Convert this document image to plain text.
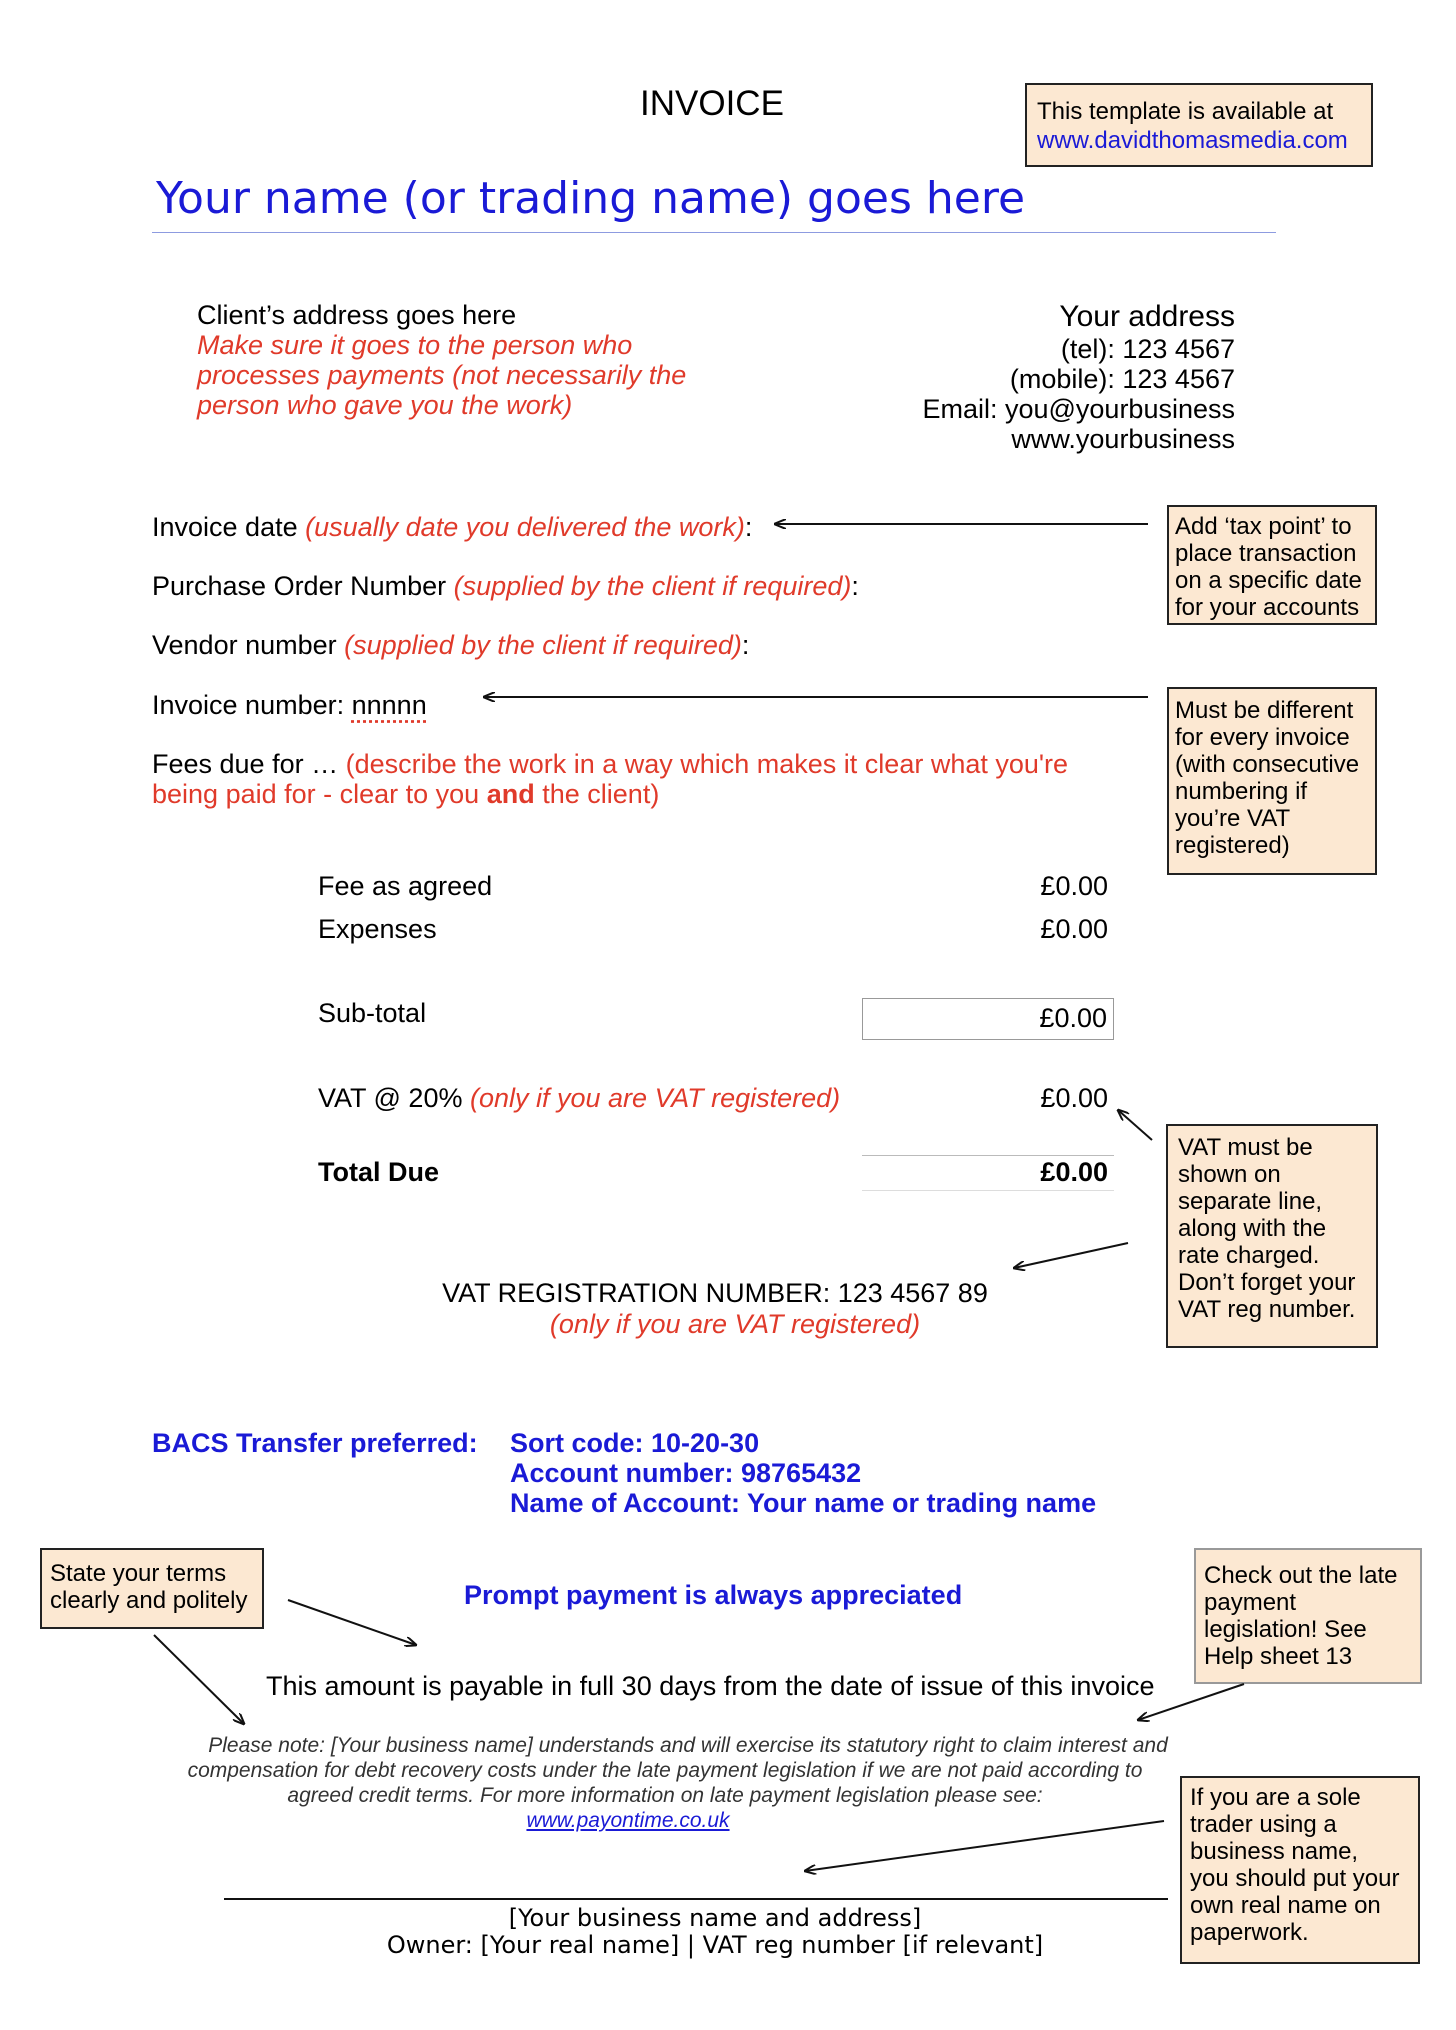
INVOICE	This template is available at
www.davidthomasmedia.com
Your name (or trading name) goes here
Client’s address goes here
Make sure it goes to the person who
processes payments (not necessarily the
person who gave you the work)
Your address
(tel): 123 4567
(mobile): 123 4567
Email: you@yourbusiness
www.yourbusiness
Invoice date (usually date you delivered the work):
Purchase Order Number (supplied by the client if required):
Vendor number (supplied by the client if required):
Invoice number: nnnnn
Fees due for … (describe the work in a way which makes it clear what you're
being paid for - clear to you and the client)
Fee as agreed	£0.00
Expenses	£0.00
Sub-total	£0.00
VAT @ 20% (only if you are VAT registered)	£0.00
Total Due	£0.00
VAT REGISTRATION NUMBER: 123 4567 89
(only if you are VAT registered)
BACS Transfer preferred: Sort code: 10-20-30
Account number: 98765432
Name of Account: Your name or trading name
Prompt payment is always appreciated
This amount is payable in full 30 days from the date of issue of this invoice
Please note: [Your business name] understands and will exercise its statutory right to claim interest and
compensation for debt recovery costs under the late payment legislation if we are not paid according to
agreed credit terms. For more information on late payment legislation please see:
www.payontime.co.uk
[Your business name and address]
Owner: [Your real name] | VAT reg number [if relevant]
Add ‘tax point’ to
place transaction
on a specific date
for your accounts
Must be different
for every invoice
(with consecutive
numbering if
you’re VAT
registered)
VAT must be
shown on
separate line,
along with the
rate charged.
Don’t forget your
VAT reg number.
State your terms
clearly and politely
Check out the late
payment
legislation! See
Help sheet 13
If you are a sole
trader using a
business name,
you should put your
own real name on
paperwork.
